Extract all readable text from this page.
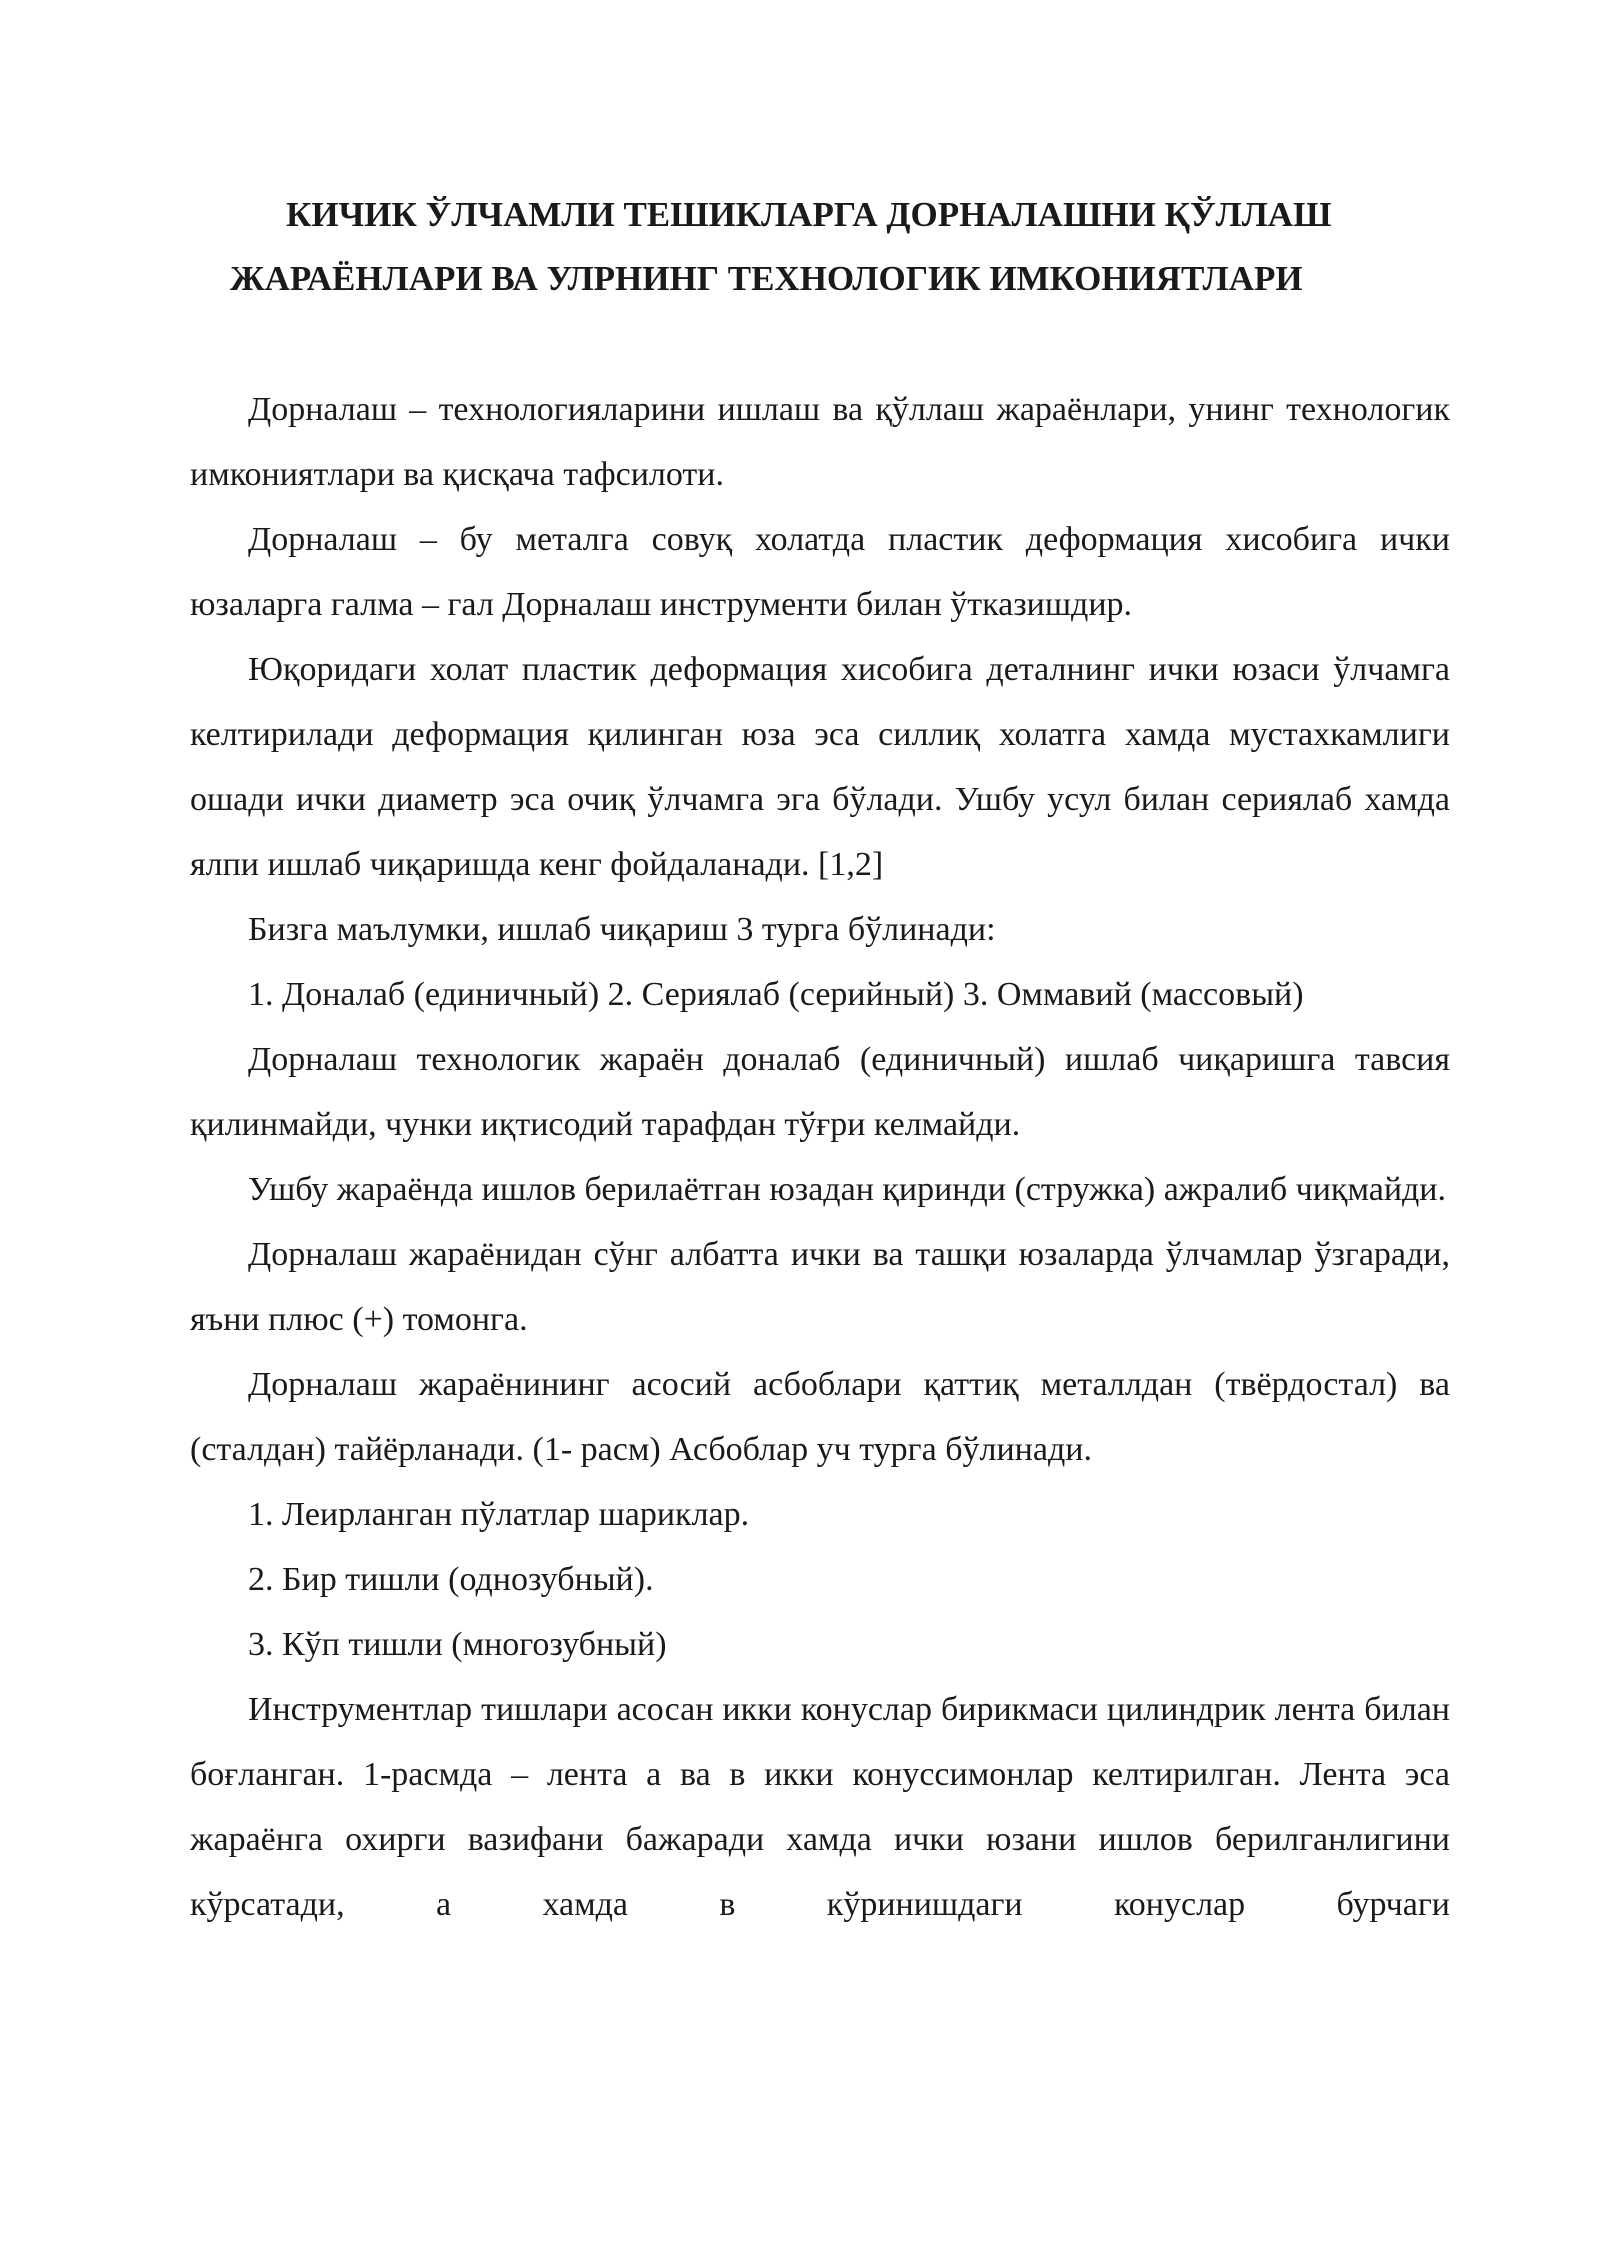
КИЧИК ЎЛЧАМЛИ ТЕШИКЛАРГА ДОРНАЛАШНИ ҚЎЛЛАШ
ЖАРАЁНЛАРИ ВА УЛРНИНГ ТЕХНОЛОГИК ИМКОНИЯТЛАРИ

Дорналаш – технологияларини ишлаш ва қўллаш жараёнлари, унинг технологик имкониятлари ва қисқача тафсилоти.

Дорналаш – бу металга совуқ холатда пластик деформация хисобига ички юзаларга галма – гал Дорналаш инструменти билан ўтказишдир.

Юқоридаги холат пластик деформация хисобига деталнинг ички юзаси ўлчамга келтирилади деформация қилинган юза эса силлиқ холатга хамда мустахкамлиги ошади ички диаметр эса очиқ ўлчамга эга бўлади. Ушбу усул билан сериялаб хамда ялпи ишлаб чиқаришда кенг фойдаланади. [1,2]

Бизга маълумки, ишлаб чиқариш 3 турга бўлинади:

1. Доналаб (единичный) 2. Сериялаб (серийный) 3. Оммавий (массовый)

Дорналаш технологик жараён доналаб (единичный) ишлаб чиқаришга тавсия қилинмайди, чунки иқтисодий тарафдан тўғри келмайди.

Ушбу жараёнда ишлов берилаётган юзадан қиринди (стружка) ажралиб чиқмайди.

Дорналаш жараёнидан сўнг албатта ички ва ташқи юзаларда ўлчамлар ўзгаради, яъни плюс (+) томонга.

Дорналаш жараёнининг асосий асбоблари қаттиқ металлдан (твёрдостал) ва (сталдан) тайёрланади. (1- расм) Асбоблар уч турга бўлинади.

1. Леирланган пўлатлар шариклар.

2. Бир тишли (однозубный).

3. Кўп тишли (многозубный)

Инструментлар тишлари асосан икки конуслар бирикмаси цилиндрик лента билан боғланган. 1-расмда – лента а ва в икки конуссимонлар келтирилган. Лента эса жараёнга охирги вазифани бажаради хамда ички юзани ишлов берилганлигини кўрсатади, а хамда в кўринишдаги конуслар бурчаги
